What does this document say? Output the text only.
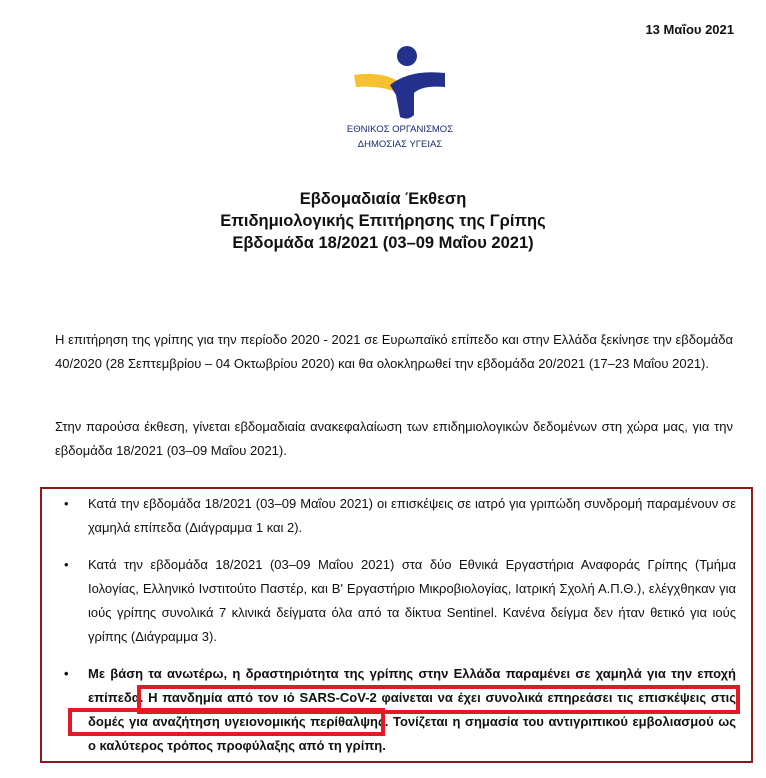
13 Μαΐου 2021
ΕΘΝΙΚΟΣ ΟΡΓΑΝΙΣΜΟΣ
ΔΗΜΟΣΙΑΣ ΥΓΕΙΑΣ
Εβδομαδιαία Έκθεση
Επιδημιολογικής Επιτήρησης της Γρίπης
Εβδομάδα 18/2021 (03–09 Μαΐου 2021)
Η επιτήρηση της γρίπης για την περίοδο 2020 - 2021 σε Ευρωπαϊκό επίπεδο και στην Ελλάδα ξεκίνησε την εβδομάδα 40/2020 (28 Σεπτεμβρίου – 04 Οκτωβρίου 2020) και θα ολοκληρωθεί την εβδομάδα 20/2021 (17–23 Μαΐου 2021).
Στην παρούσα έκθεση, γίνεται εβδομαδιαία ανακεφαλαίωση των επιδημιολογικών δεδομένων στη χώρα μας, για την εβδομάδα 18/2021 (03–09 Μαΐου 2021).
• Κατά την εβδομάδα 18/2021 (03–09 Μαΐου 2021) οι επισκέψεις σε ιατρό για γριπώδη συνδρομή παραμένουν σε χαμηλά επίπεδα (Διάγραμμα 1 και 2).
• Κατά την εβδομάδα 18/2021 (03–09 Μαΐου 2021) στα δύο Εθνικά Εργαστήρια Αναφοράς Γρίπης (Τμήμα Ιολογίας, Ελληνικό Ινστιτούτο Παστέρ, και Β' Εργαστήριο Μικροβιολογίας, Ιατρική Σχολή Α.Π.Θ.), ελέγχθηκαν για ιούς γρίπης συνολικά 7 κλινικά δείγματα όλα από τα δίκτυα Sentinel. Κανένα δείγμα δεν ήταν θετικό για ιούς γρίπης (Διάγραμμα 3).
• Με βάση τα ανωτέρω, η δραστηριότητα της γρίπης στην Ελλάδα παραμένει σε χαμηλά για την εποχή επίπεδα. Η πανδημία από τον ιό SARS-CoV-2 φαίνεται να έχει συνολικά επηρεάσει τις επισκέψεις στις δομές για αναζήτηση υγειονομικής περίθαλψης. Τονίζεται η σημασία του αντιγριπικού εμβολιασμού ως ο καλύτερος τρόπος προφύλαξης από τη γρίπη.
